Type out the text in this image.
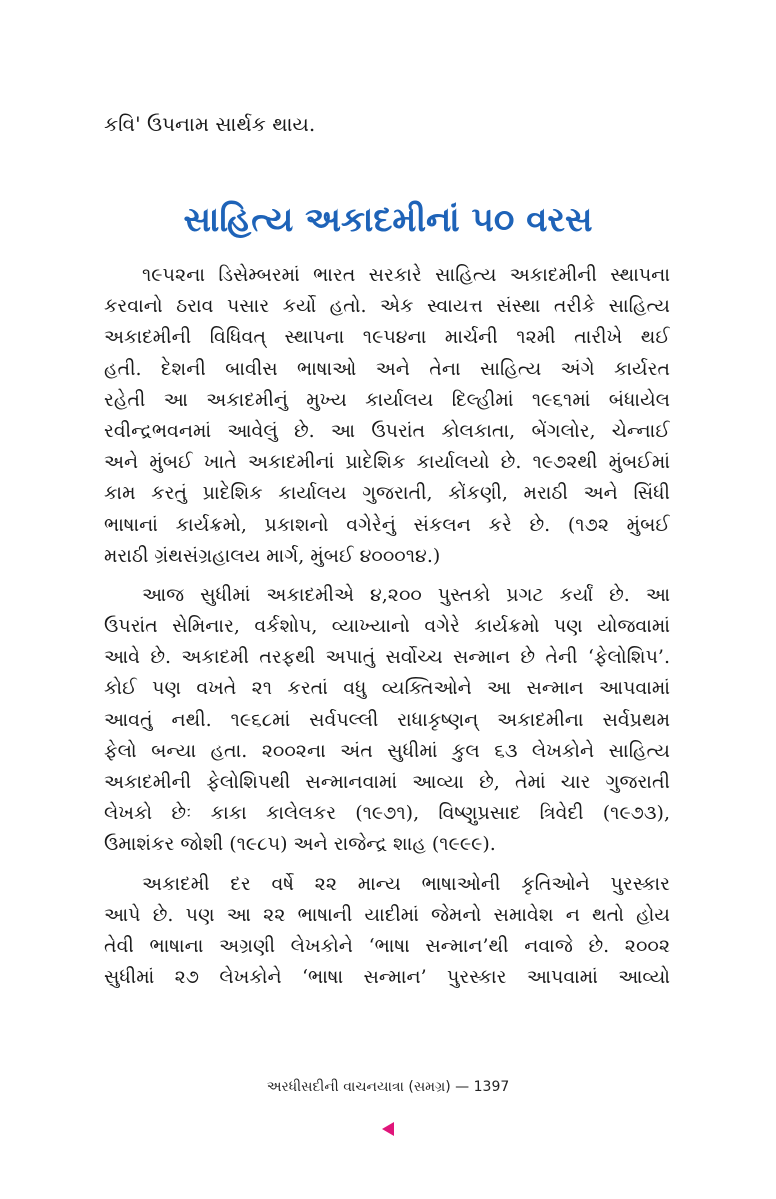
કવિ' ઉપનામ સાર્થક થાય.
સાહિત્ય અકાદમીનાં ૫૦ વરસ
૧૯૫૨ના ડિસેમ્બરમાં ભારત સરકારે સાહિત્ય અકાદમીની સ્થાપના
કરવાનો ઠરાવ પસાર કર્યો હતો. એક સ્વાયત્ત સંસ્થા તરીકે સાહિત્ય
અકાદમીની વિધિવત્ સ્થાપના ૧૯૫૪ના માર્ચની ૧૨મી તારીખે થઈ
હતી. દેશની બાવીસ ભાષાઓ અને તેના સાહિત્ય અંગે કાર્યરત
રહેતી આ અકાદમીનું મુખ્ય કાર્યાલય દિલ્હીમાં ૧૯૬૧માં બંધાયેલ
રવીન્દ્રભવનમાં આવેલું છે. આ ઉપરાંત કોલકાતા, બેંગલોર, ચેન્નાઈ
અને મુંબઈ ખાતે અકાદમીનાં પ્રાદેશિક કાર્યાલયો છે. ૧૯૭૨થી મુંબઈમાં
કામ કરતું પ્રાદેશિક કાર્યાલય ગુજરાતી, કોંકણી, મરાઠી અને સિંધી
ભાષાનાં કાર્યક્રમો, પ્રકાશનો વગેરેનું સંકલન કરે છે. (૧૭૨ મુંબઈ
મરાઠી ગ્રંથસંગ્રહાલય માર્ગ, મુંબઈ ૪૦૦૦૧૪.)
આજ સુધીમાં અકાદમીએ ૪,૨૦૦ પુસ્તકો પ્રગટ કર્યાં છે. આ
ઉપરાંત સેમિનાર, વર્કશોપ, વ્યાખ્યાનો વગેરે કાર્યક્રમો પણ યોજવામાં
આવે છે. અકાદમી તરફથી અપાતું સર્વોચ્ચ સન્માન છે તેની ‘ફેલોશિપ’.
કોઈ પણ વખતે ૨૧ કરતાં વધુ વ્યક્તિઓને આ સન્માન આપવામાં
આવતું નથી. ૧૯૬૮માં સર્વપલ્લી રાધાકૃષ્ણન્ અકાદમીના સર્વપ્રથમ
ફેલો બન્યા હતા. ૨૦૦૨ના અંત સુધીમાં કુલ ૬૩ લેખકોને સાહિત્ય
અકાદમીની ફેલોશિપથી સન્માનવામાં આવ્યા છે, તેમાં ચાર ગુજરાતી
લેખકો છેઃ કાકા કાલેલકર (૧૯૭૧), વિષ્ણુપ્રસાદ ત્રિવેદી (૧૯૭૩),
ઉમાશંકર જોશી (૧૯૮૫) અને રાજેન્દ્ર શાહ (૧૯૯૯).
અકાદમી દર વર્ષે ૨૨ માન્ય ભાષાઓની કૃતિઓને પુરસ્કાર
આપે છે. પણ આ ૨૨ ભાષાની યાદીમાં જેમનો સમાવેશ ન થતો હોય
તેવી ભાષાના અગ્રણી લેખકોને ‘ભાષા સન્માન’થી નવાજે છે. ૨૦૦૨
સુધીમાં ૨૭ લેખકોને ‘ભાષા સન્માન’ પુરસ્કાર આપવામાં આવ્યો
અરધીસદીની વાચનયાત્રા (સમગ્ર) — 1397
